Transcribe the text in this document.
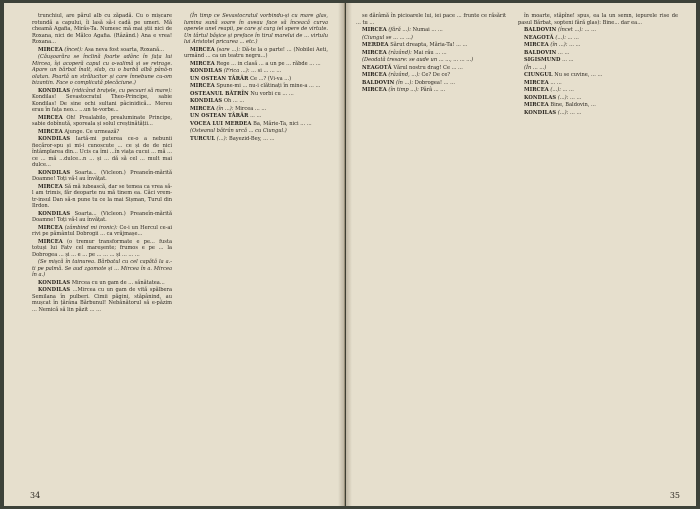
trunchiul, are părul alb cu zăpadă. Cu o mișcare rotundă a capului, îi lasă să-i cadă pe umeri. Mă cheamă Agafia, Mirăs-Ta. Numesc mă mai știi nici de Roxana, nici de Mălco Agafia. (Râzând.) Ana e vrea! Roxana...

MIRCEA (încet): Asa neva fost soarta, Roxană...

(Căuşoarăra se înclină foarte adânc în fața lui Mircea, își acoperă capul cu o-valimă și se retrage. Apare un bărbat înalt, slab, cu o barbă albă până-n olatan. Poartă un strălucitor și care înnebune cu-om bizantin. Face o complicată plecăciune.)

KONDILAS (ridicând brațele, cu pecsuri să mare): Kondilas! Sevastocratul Theo-Principe, sabie Kondilas! De sine ochi sultani pâcinidică... Mereu erau în fața neo... ...un te-vorbe...

MIRCEA Oh! Prealabilo, prealuminate Principe, sabie dobînută, sporeala și solul creștinătății...

MIRCEA Ajunge. Ce urmează?

KONDILAS Iartă-mi puterea ce-o a nebunii fiecăror-spu și mi-i cunoscute ... ce și de de nici întâmplarea din... Ucis ca îmi ...în viața cucui ... mă ... ce ... mă ...dulce...n ... și ... dă să cel ... mult mai dulce...

KONDILAS Soarta... (Vicleon.) Preaneîn-mărită Doamne! Toți vă-l au învățat.

MIRCEA Să mă iubească, dar se temea ca vrea să-l am trimis, făr deoparte nu mă tinem ea. Căci vrem-tr-insul Dan să-n pune tu ce la mai Sișman, Turul din Ilrdon.

KONDILAS Soarta... (Vicleon.) Preaneîn-mărită Doamne! Toți vă-l au învățat.

MIRCEA (zâmbind mi ironic): Ce-i un Hercul ce-ai rivi pe pământul Dobrogii ... ca vrăjmașe...

MIRCEA (o tremur transformate e pe... fusta totuși lui Fatv cel mareşente; frumos e pe ... la Dobrogea ... și ... e ... pe ... ... ... și ... ... ...

(Se mișcă în tainurea. Bărbatul cu cel capătă la a.-ti pe palmă. Se aud zgomote și ... Mircea în a. Mircea în a.)

KONDILAS Mircea cu un gam de ... sănătatea...

KONDILAS ...Mircea cu un gam de vită spălbera Semilana în pulberi. Cimii păgini, stăpânind, au mușcat în țărâna Bărbunul! Nebănătorul să e-păzim ... Nemică să lin păzit ... ...

(În timp ce Sevastocratul vorbindu-și cu mare glas, lumina sună soare în aveau face să înceacă curva operele unel reapii, pe care și curg iel spere de virtute. Un târtul bășice și preface în tirul marelui de ... virtulu lui Aristotel pricurea ... etc.)

MIRCEA (sare ...): Dă-te la o parte! ... (Nobilei Aeti, urmând ... ca un teatru negru...)

MIRCEA Rege ... in clasă ... a un pe ... răbde ... ...

KONDILAS (Frica ...): ... si ... ... ...

UN OSTEAN TÂRĂR Ce ...? (Vi-va ...)

MIRCEA Spune-mi ... nu-i clătinați în mine-a ... ...

OSTEANUL BĂTRÎN Nu vorbi cu ... ...

KONDILAS Oh ... ...

MIRCEA (în ...): Mircea ... ...

UN OSTEAN TÂRĂR ... ...

VOCEA LUI MERDEA Ba, Mărie-Ta, nici ... ...

(Osteanul bătrân urcă ... cu Ciungul.)

TURCUL (...): Bayezid-Bey, ... ...

34

se dărâmă în picioarele lui, iei pace ... frunte ce răsărit ... tu ...

MIRCEA (fără ...): Numai ... ...

(Ciungul se ... ... ...)

MERDEA Sărut dreapta, Măria-Ta! ... ...

MIRCEA (râzând): Mai rău ... ...

(Deodată tresare: se aude un ... ..., ... ... ...)

NEAGOTĂ Vărul nostru drag! Ce ... ...

MIRCEA (râzând, ...): Ce? De ce?

BALDOVIN (în ...): Dobrogea! ... ...

MIRCEA (în timp ...): Pârâ ... ...

în moarte, stăpîne! spus, ea la un semn, iepurele rise de pasul Bărbat, sopteni fără glas): Bine... dar ea...

BALDOVIN (încet ...): ... ...

NEAGOTĂ (...): ... ...

MIRCEA (în ...): ... ...

BALDOVIN ... ...

SIGISMUND ... ...

(În ... ...)

CIUNGUL Nu se cuvine, ... ...

MIRCEA ... ...

MIRCEA (...): ... ...

KONDILAS (...): ... ...

MIRCEA Bine, Baldovin, ...

KONDILAS (...): ... ...

35
